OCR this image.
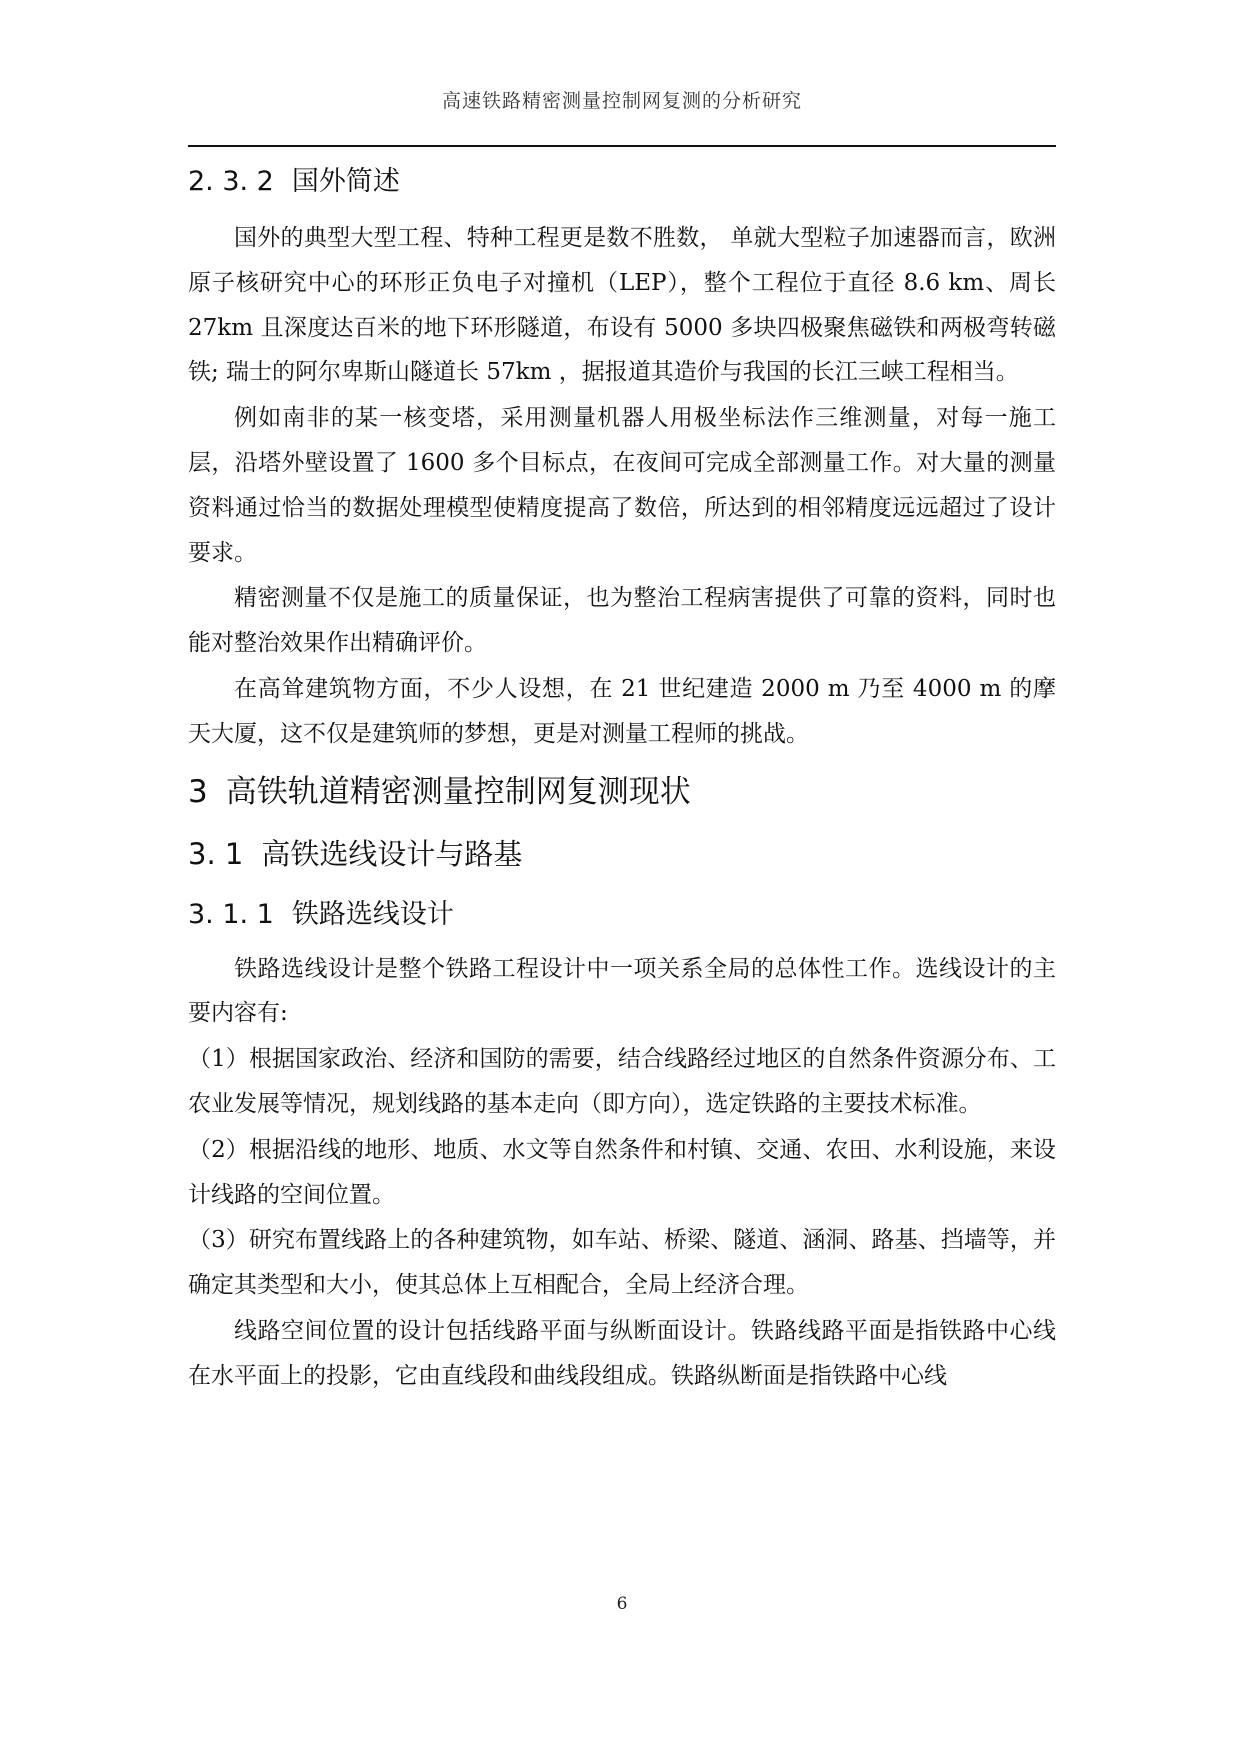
高速铁路精密测量控制网复测的分析研究
2. 3. 2 国外简述

国外的典型大型工程、特种工程更是数不胜数， 单就大型粒子加速器而言，欧洲原子核研究中心的环形正负电子对撞机（LEP），整个工程位于直径 8.6 km、周长 27km 且深度达百米的地下环形隧道，布设有 5000 多块四极聚焦磁铁和两极弯转磁铁; 瑞士的阿尔卑斯山隧道长 57km ，据报道其造价与我国的长江三峡工程相当。

例如南非的某一核变塔，采用测量机器人用极坐标法作三维测量，对每一施工层，沿塔外壁设置了 1600 多个目标点，在夜间可完成全部测量工作。对大量的测量资料通过恰当的数据处理模型使精度提高了数倍，所达到的相邻精度远远超过了设计要求。

精密测量不仅是施工的质量保证，也为整治工程病害提供了可靠的资料，同时也能对整治效果作出精确评价。

在高耸建筑物方面，不少人设想，在 21 世纪建造 2000 m 乃至 4000 m 的摩天大厦，这不仅是建筑师的梦想，更是对测量工程师的挑战。

3 高铁轨道精密测量控制网复测现状
3. 1 高铁选线设计与路基
3. 1. 1 铁路选线设计

铁路选线设计是整个铁路工程设计中一项关系全局的总体性工作。选线设计的主要内容有:

（1）根据国家政治、经济和国防的需要，结合线路经过地区的自然条件资源分布、工农业发展等情况，规划线路的基本走向（即方向），选定铁路的主要技术标准。

（2）根据沿线的地形、地质、水文等自然条件和村镇、交通、农田、水利设施，来设计线路的空间位置。

（3）研究布置线路上的各种建筑物，如车站、桥梁、隧道、涵洞、路基、挡墙等，并确定其类型和大小，使其总体上互相配合，全局上经济合理。

线路空间位置的设计包括线路平面与纵断面设计。铁路线路平面是指铁路中心线在水平面上的投影，它由直线段和曲线段组成。铁路纵断面是指铁路中心线

6
